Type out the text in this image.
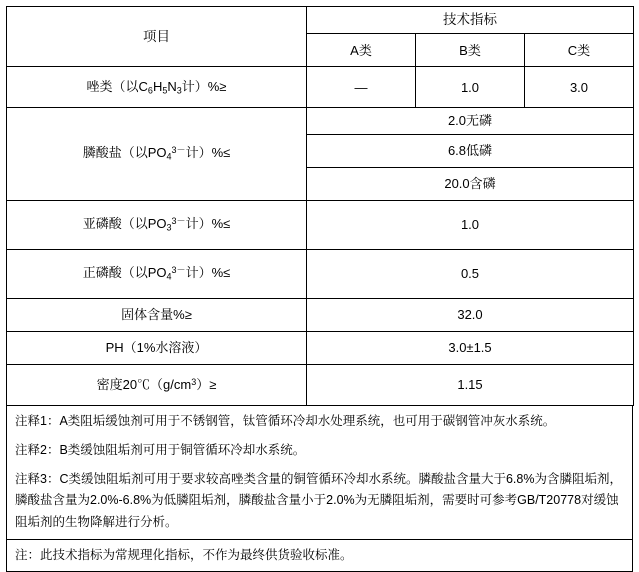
项目	技术指标		
	A类	B类	C类
唑类（以$C_6H_5N_3$计）%≥	—	1.0	3.0
膦酸盐（以$PO_4^{3-}$计）%≤	2.0无磷		
	6.8低磷		
	20.0含磷		
亚磷酸（以$PO_3^{3-}$计）%≤	1.0		
正磷酸（以$PO_4^{3-}$计）%≤	0.5		
固体含量%≥	32.0		
PH（1%水溶液）	3.0±1.5		
密度$20℃(g/cm^3)\ge$	1.15		

注释1：A类阻垢缓蚀剂可用于不锈钢管，钛管循环冷却水处理系统，也可用于碳钢管冲灰水系统。

注释2：B类缓蚀阻垢剂可用于铜管循环冷却水系统。

注释3：C类缓蚀阻垢剂可用于要求较高唑类含量的铜管循环冷却水系统。膦酸盐含量大于6.8%为含膦阻垢剂，膦酸盐含量为2.0%-6.8%为低膦阻垢剂，膦酸盐含量小于2.0%为无膦阻垢剂，需要时可参考GB/T20778对缓蚀阻垢剂的生物降解进行分析。

注：此技术指标为常规理化指标，不作为最终供货验收标准。
